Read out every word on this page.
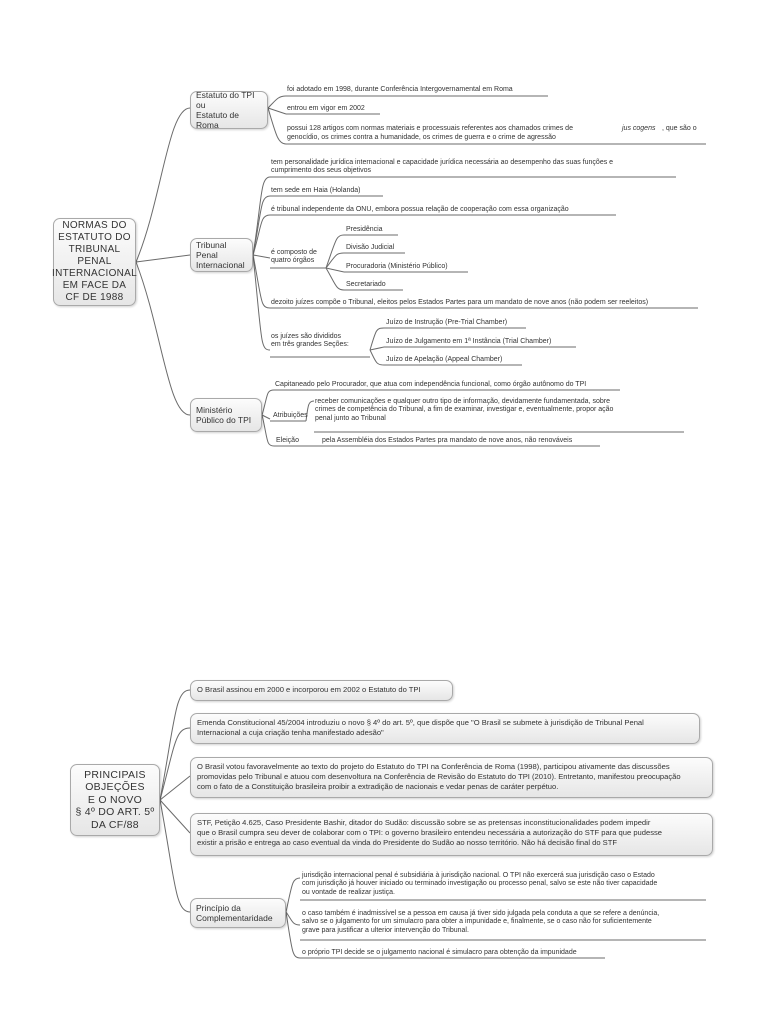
NORMAS DO
ESTATUTO DO
TRIBUNAL PENAL
INTERNACIONAL
EM FACE DA
CF DE 1988
Estatuto do TPI
ou
Estatuto de Roma
foi adotado em 1998, durante Conferência Intergovernamental em Roma
entrou em vigor em 2002
possui 128 artigos com normas materiais e processuais referentes aos chamados crimes de	jus cogens , que são o
genocídio, os crimes contra a humanidade, os crimes de guerra e o crime de agressão
Tribunal Penal
Internacional
tem personalidade jurídica internacional e capacidade jurídica necessária ao desempenho das suas funções e
cumprimento dos seus objetivos
tem sede em Haia (Holanda)
é tribunal independente da ONU, embora possua relação de cooperação com essa organização
é composto de
quatro órgãos
Presidência
Divisão Judicial
Procuradoria (Ministério Público)
Secretariado
dezoito juízes compõe o Tribunal, eleitos pelos Estados Partes para um mandato de nove anos (não podem ser reeleitos)
os juízes são divididos
em três grandes Seções:
Juízo de Instrução (Pre-Trial Chamber)
Juízo de Julgamento em 1ª Instância (Trial Chamber)
Juízo de Apelação (Appeal Chamber)
Ministério
Público do TPI
Capitaneado pelo Procurador, que atua com independência funcional, como órgão autônomo do TPI
Atribuições
receber comunicações e qualquer outro tipo de informação, devidamente fundamentada, sobre
crimes de competência do Tribunal, a fim de examinar, investigar e, eventualmente, propor ação
penal junto ao Tribunal
Eleição	pela Assembléia dos Estados Partes pra mandato de nove anos, não renováveis
PRINCIPAIS
OBJEÇÕES
E O NOVO
§ 4º DO ART. 5º
DA CF/88
O Brasil assinou em 2000 e incorporou em 2002 o Estatuto do TPI
Emenda Constitucional 45/2004 introduziu o novo § 4º do art. 5º, que dispõe que "O Brasil se submete à jurisdição de Tribunal Penal
Internacional a cuja criação tenha manifestado adesão"
O Brasil votou favoravelmente ao texto do projeto do Estatuto do TPI na Conferência de Roma (1998), participou ativamente das discussões
promovidas pelo Tribunal e atuou com desenvoltura na Conferência de Revisão do Estatuto do TPI (2010). Entretanto, manifestou preocupação
com o fato de a Constituição brasileira proibir a extradição de nacionais e vedar penas de caráter perpétuo.
STF, Petição 4.625, Caso Presidente Bashir, ditador do Sudão: discussão sobre se as pretensas inconstitucionalidades podem impedir
que o Brasil cumpra seu dever de colaborar com o TPI: o governo brasileiro entendeu necessária a autorização do STF para que pudesse
existir a prisão e entrega ao caso eventual da vinda do Presidente do Sudão ao nosso território. Não há decisão final do STF
Princípio da
Complementaridade
jurisdição internacional penal é subsidiária à jurisdição nacional. O TPI não exercerá sua jurisdição caso o Estado
com jurisdição já houver iniciado ou terminado investigação ou processo penal, salvo se este não tiver capacidade
ou vontade de realizar justiça.
o caso também é inadmissível se a pessoa em causa já tiver sido julgada pela conduta a que se refere a denúncia,
salvo se o julgamento for um simulacro para obter a impunidade e, finalmente, se o caso não for suficientemente
grave para justificar a ulterior intervenção do Tribunal.
o próprio TPI decide se o julgamento nacional é simulacro para obtenção da impunidade
